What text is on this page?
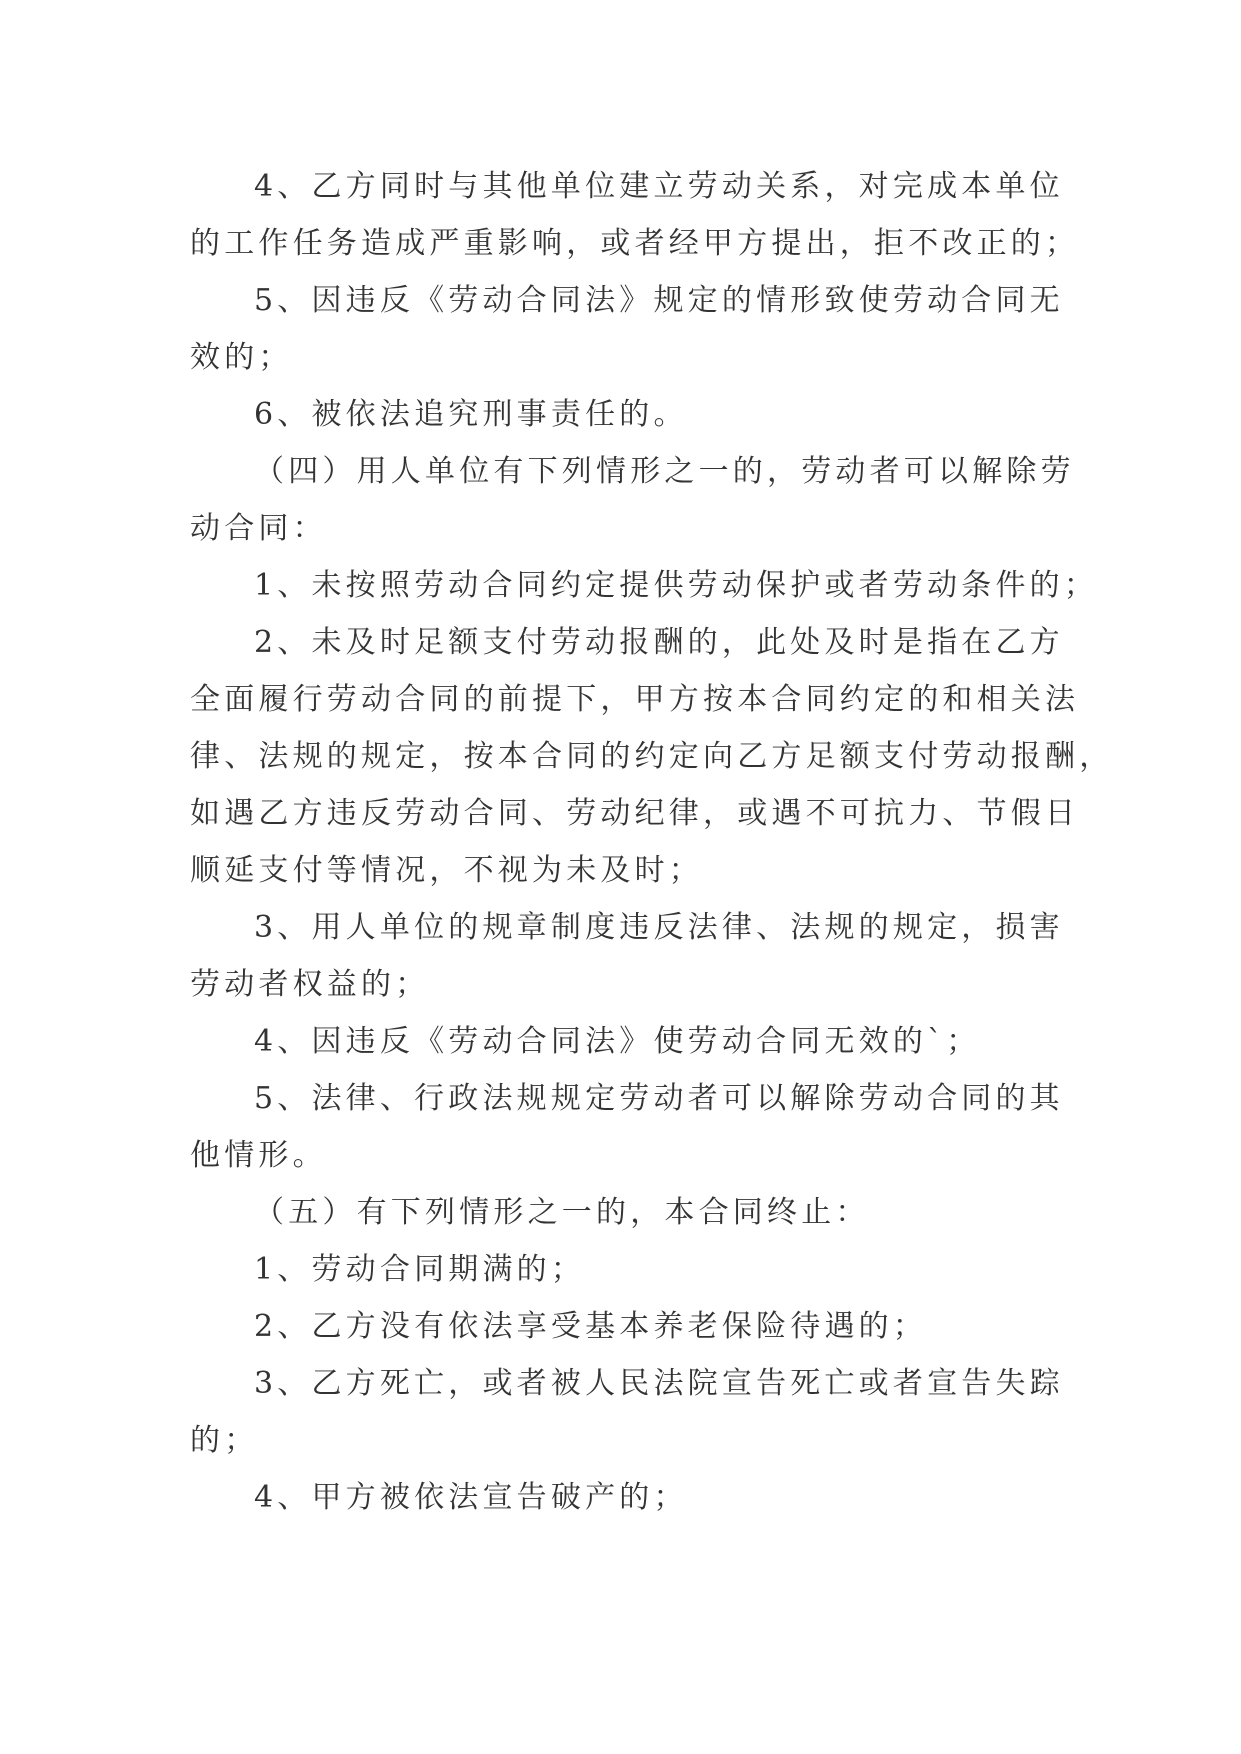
4、乙方同时与其他单位建立劳动关系，对完成本单位
的工作任务造成严重影响，或者经甲方提出，拒不改正的；
5、因违反《劳动合同法》规定的情形致使劳动合同无
效的；
6、被依法追究刑事责任的。
（四）用人单位有下列情形之一的，劳动者可以解除劳
动合同：
1、未按照劳动合同约定提供劳动保护或者劳动条件的；
2、未及时足额支付劳动报酬的，此处及时是指在乙方
全面履行劳动合同的前提下，甲方按本合同约定的和相关法
律、法规的规定，按本合同的约定向乙方足额支付劳动报酬，
如遇乙方违反劳动合同、劳动纪律，或遇不可抗力、节假日
顺延支付等情况，不视为未及时；
3、用人单位的规章制度违反法律、法规的规定，损害
劳动者权益的；
4、因违反《劳动合同法》使劳动合同无效的`；
5、法律、行政法规规定劳动者可以解除劳动合同的其
他情形。
（五）有下列情形之一的，本合同终止：
1、劳动合同期满的；
2、乙方没有依法享受基本养老保险待遇的；
3、乙方死亡，或者被人民法院宣告死亡或者宣告失踪
的；
4、甲方被依法宣告破产的；
